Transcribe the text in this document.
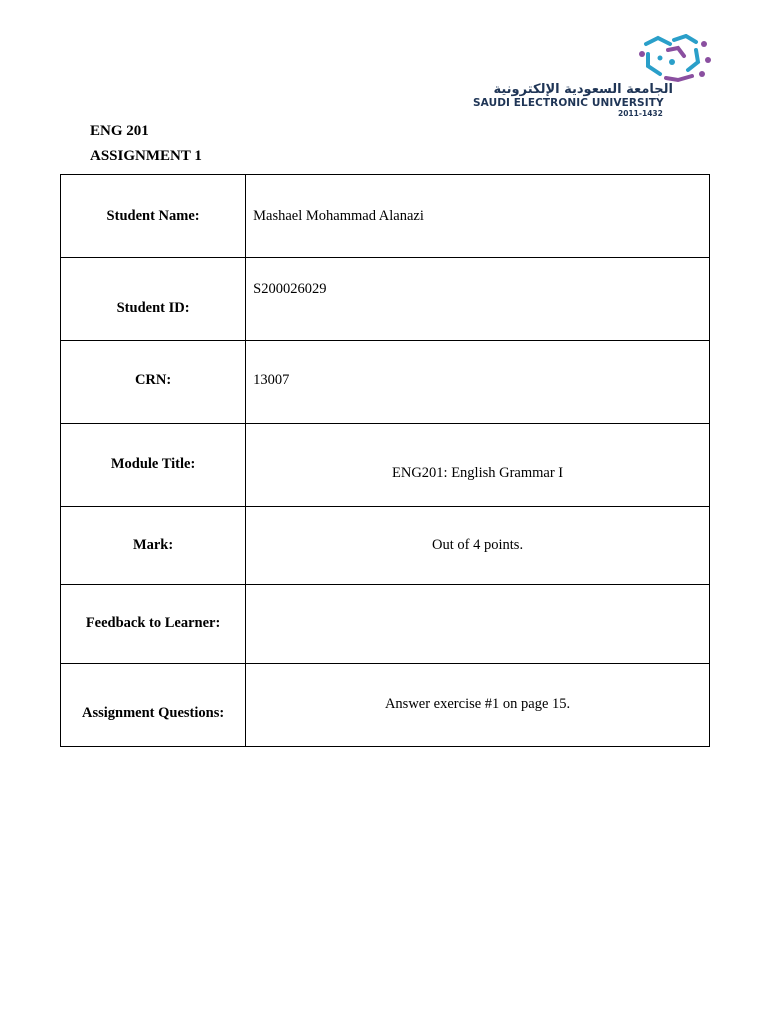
الجامعة السعودية الإلكترونية
SAUDI ELECTRONIC UNIVERSITY
2011-1432
ENG 201
ASSIGNMENT 1
Student Name:	Mashael Mohammad Alanazi

Student ID:	S200026029

CRN:	13007

Module Title:	ENG201: English Grammar I

Mark:	Out of 4 points.

Feedback to Learner:	

Assignment Questions:	Answer exercise #1 on page 15.
